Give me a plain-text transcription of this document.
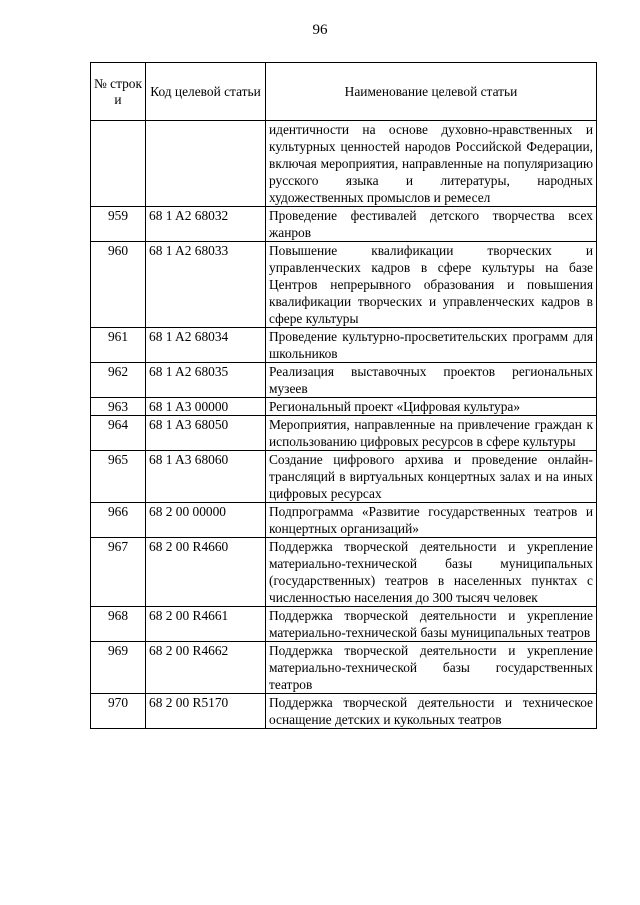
96
№ строк и	Код целевой статьи	Наименование целевой статьи
		идентичности на основе духовно-нравственных и культурных ценностей народов Российской Федерации, включая мероприятия, направленные на популяризацию русского языка и литературы, народных художественных промыслов и ремесел
959	68 1 A2 68032	Проведение фестивалей детского творчества всех жанров
960	68 1 A2 68033	Повышение квалификации творческих и управленческих кадров в сфере культуры на базе Центров непрерывного образования и повышения квалификации творческих и управленческих кадров в сфере культуры
961	68 1 A2 68034	Проведение культурно-просветительских программ для школьников
962	68 1 A2 68035	Реализация выставочных проектов региональных музеев
963	68 1 A3 00000	Региональный проект «Цифровая культура»
964	68 1 A3 68050	Мероприятия, направленные на привлечение граждан к использованию цифровых ресурсов в сфере культуры
965	68 1 A3 68060	Создание цифрового архива и проведение онлайн-трансляций в виртуальных концертных залах и на иных цифровых ресурсах
966	68 2 00 00000	Подпрограмма «Развитие государственных театров и концертных организаций»
967	68 2 00 R4660	Поддержка творческой деятельности и укрепление материально-технической базы муниципальных (государственных) театров в населенных пунктах с численностью населения до 300 тысяч человек
968	68 2 00 R4661	Поддержка творческой деятельности и укрепление материально-технической базы муниципальных театров
969	68 2 00 R4662	Поддержка творческой деятельности и укрепление материально-технической базы государственных театров
970	68 2 00 R5170	Поддержка творческой деятельности и техническое оснащение детских и кукольных театров
